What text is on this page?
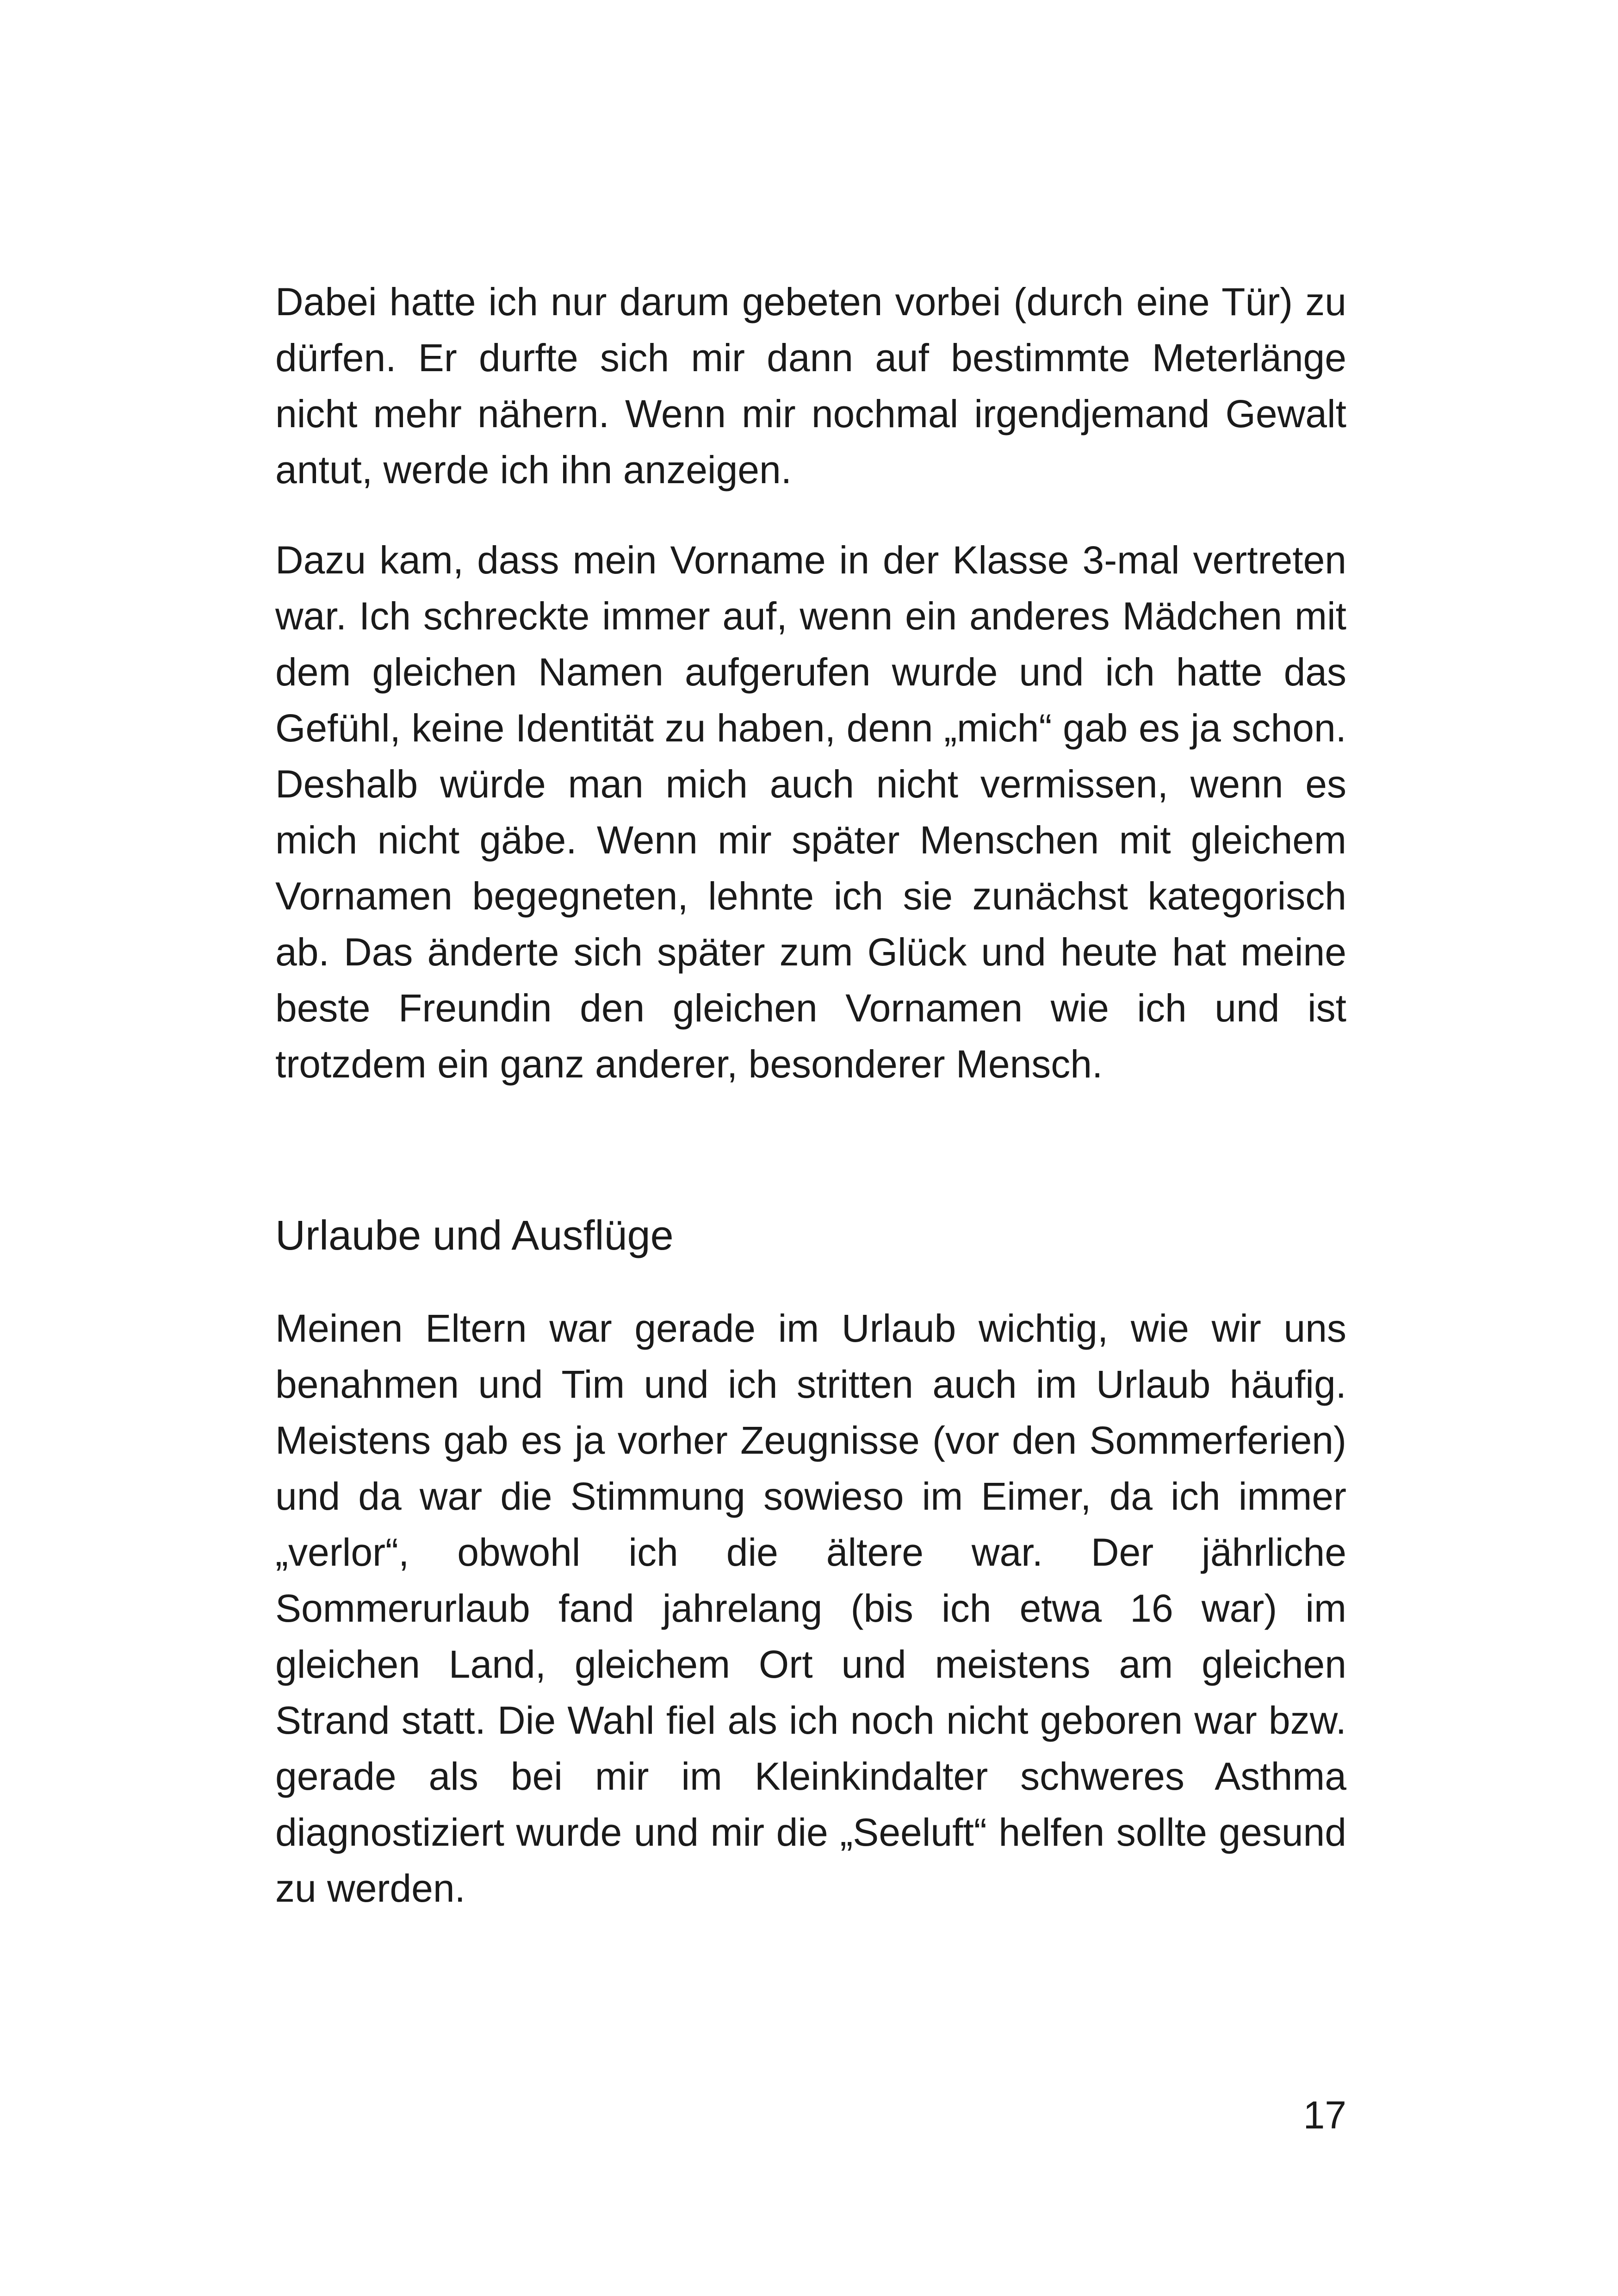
Dabei hatte ich nur darum gebeten vorbei (durch eine Tür) zu dürfen. Er durfte sich mir dann auf bestimmte Meterlänge nicht mehr nähern. Wenn mir nochmal irgendjemand Gewalt antut, werde ich ihn anzeigen.

Dazu kam, dass mein Vorname in der Klasse 3-mal vertreten war. Ich schreckte immer auf, wenn ein anderes Mädchen mit dem gleichen Namen aufgerufen wurde und ich hatte das Gefühl, keine Identität zu haben, denn „mich“ gab es ja schon. Deshalb würde man mich auch nicht vermissen, wenn es mich nicht gäbe. Wenn mir später Menschen mit gleichem Vornamen begegneten, lehnte ich sie zunächst kategorisch ab. Das änderte sich später zum Glück und heute hat meine beste Freundin den gleichen Vornamen wie ich und ist trotzdem ein ganz anderer, besonderer Mensch.

Urlaube und Ausflüge

Meinen Eltern war gerade im Urlaub wichtig, wie wir uns benahmen und Tim und ich stritten auch im Urlaub häufig. Meistens gab es ja vorher Zeugnisse (vor den Sommerferien) und da war die Stimmung sowieso im Eimer, da ich immer „verlor“, obwohl ich die ältere war. Der jährliche Sommerurlaub fand jahrelang (bis ich etwa 16 war) im gleichen Land, gleichem Ort und meistens am gleichen Strand statt. Die Wahl fiel als ich noch nicht geboren war bzw. gerade als bei mir im Kleinkindalter schweres Asthma diagnostiziert wurde und mir die „Seeluft“ helfen sollte gesund zu werden.

17
